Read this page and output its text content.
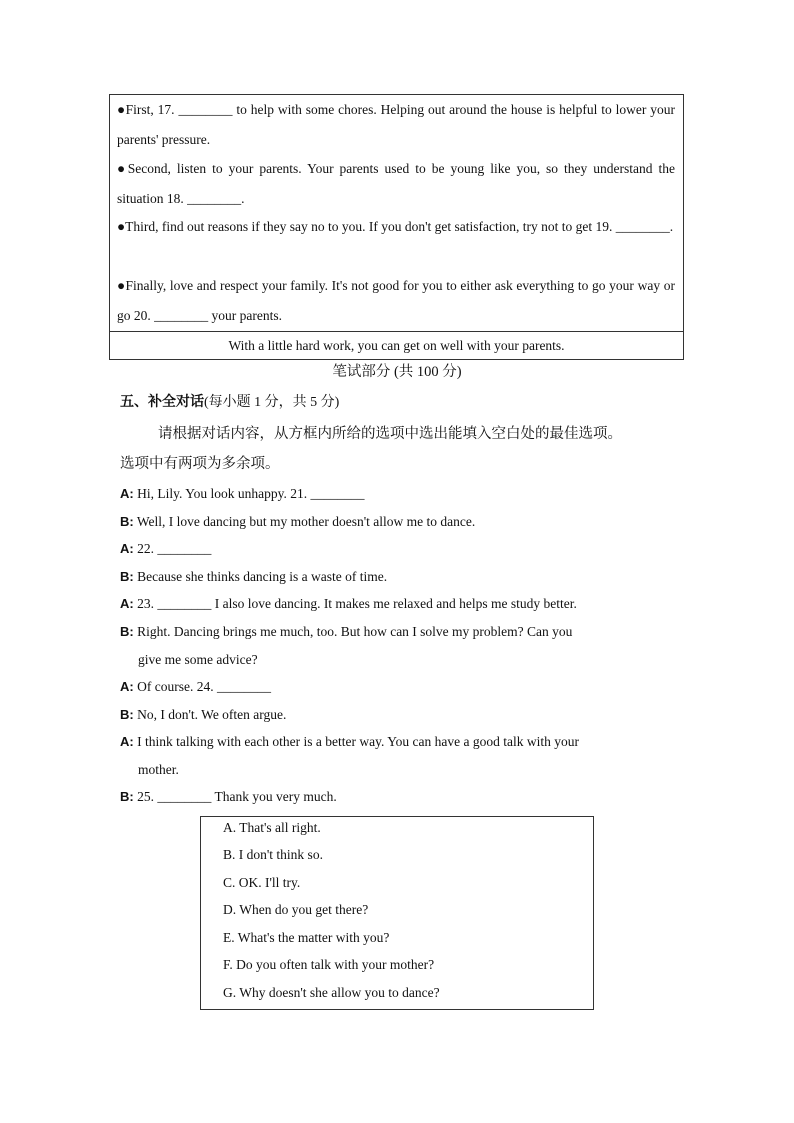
●First, 17. ________ to help with some chores. Helping out around the house is helpful to lower your parents' pressure.
●Second, listen to your parents. Your parents used to be young like you, so they understand the situation 18. ________.
●Third, find out reasons if they say no to you. If you don't get satisfaction, try not to get 19. ________.
●Finally, love and respect your family. It's not good for you to either ask everything to go your way or go 20. ________ your parents.
With a little hard work, you can get on well with your parents.
笔试部分 (共 100 分)
五、补全对话(每小题 1 分，共 5 分)
请根据对话内容，从方框内所给的选项中选出能填入空白处的最佳选项。
选项中有两项为多余项。
A: Hi, Lily. You look unhappy. 21. ________
B: Well, I love dancing but my mother doesn't allow me to dance.
A: 22. ________
B: Because she thinks dancing is a waste of time.
A: 23. ________ I also love dancing. It makes me relaxed and helps me study better.
B: Right. Dancing brings me much, too. But how can I solve my problem? Can you
give me some advice?
A: Of course. 24. ________
B: No, I don't. We often argue.
A: I think talking with each other is a better way. You can have a good talk with your
mother.
B: 25. ________ Thank you very much.
A. That's all right.
B. I don't think so.
C. OK. I'll try.
D. When do you get there?
E. What's the matter with you?
F. Do you often talk with your mother?
G. Why doesn't she allow you to dance?
